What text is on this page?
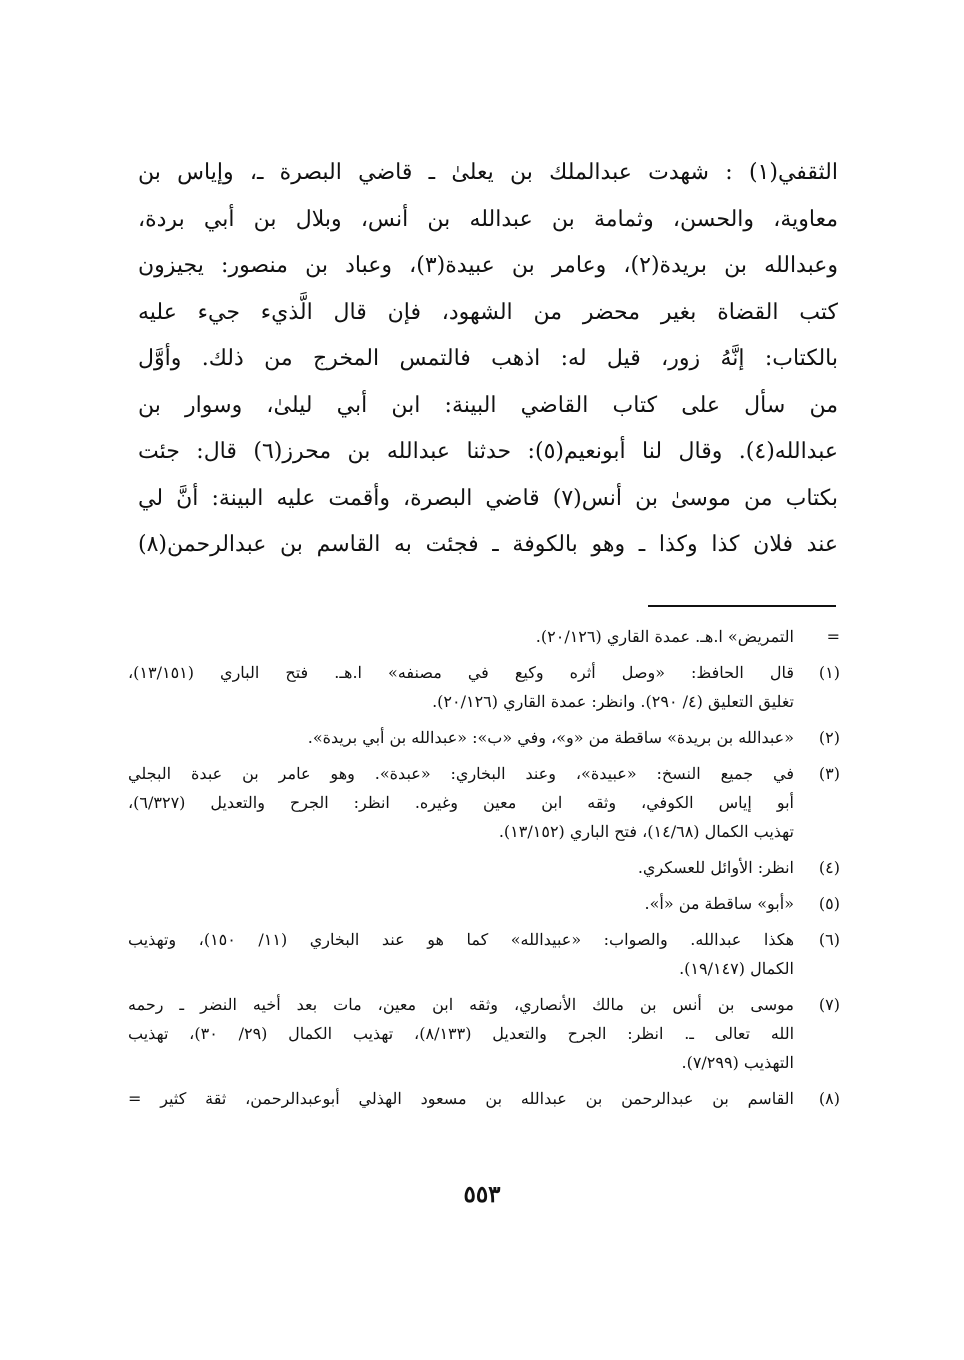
الثقفي(١) : شهدت عبدالملك بن يعلىٰ ـ قاضي البصرة ـ، وإياس بن
معاوية، والحسن، وثمامة بن عبدالله بن أنس، وبلال بن أبي بردة،
وعبدالله بن بريدة(٢)، وعامر بن عبيدة(٣)، وعباد بن منصور: يجيزون
كتب القضاة بغير محضر من الشهود، فإن قال الَّذيء جيء عليه
بالكتاب: إنَّهُ زور، قيل له: اذهب فالتمس المخرج من ذلك. وأوَّل
من سأل على كتاب القاضي البينة: ابن أبي ليلىٰ، وسوار بن
عبدالله(٤). وقال لنا أبونعيم(٥): حدثنا عبدالله بن محرز(٦) قال: جئت
بكتاب من موسىٰ بن أنس(٧) قاضي البصرة، وأقمت عليه البينة: أنَّ لي
عند فلان كذا وكذا ـ وهو بالكوفة ـ فجئت به القاسم بن عبدالرحمن(٨)
=
التمريض» ا.هـ. عمدة القاري (٢٠/١٢٦).
(١)
قال الحافظ: «وصل أثره وكيع في مصنفه» ا.هـ. فتح الباري (١٣/١٥١)،
تغليق التعليق (٤/ ٢٩٠). وانظر: عمدة القاري (٢٠/١٢٦).
(٢)
«عبدالله بن بريدة» ساقطة من «و»، وفي «ب»: «عبدالله بن أبي بريدة».
(٣)
في جميع النسخ: «عبيدة»، وعند البخاري: «عبدة». وهو عامر بن عبدة البجلي
أبو إياس الكوفي، وثقه ابن معين وغيره. انظر: الجرح والتعديل (٦/٣٢٧)،
تهذيب الكمال (١٤/٦٨)، فتح الباري (١٣/١٥٢).
(٤)
انظر: الأوائل للعسكري.
(٥)
«أبو» ساقطة من «أ».
(٦)
هكذا عبدالله. والصواب: «عبيدالله» كما هو عند البخاري (١١/ ١٥٠)، وتهذيب
الكمال (١٩/١٤٧).
(٧)
موسى بن أنس بن مالك الأنصاري، وثقه ابن معين، مات بعد أخيه النضر ـ رحمه
الله تعالى ـ. انظر: الجرح والتعديل (٨/١٣٣)، تهذيب الكمال (٢٩/ ٣٠)، تهذيب
التهذيب (٧/٢٩٩).
(٨)
القاسم بن عبدالرحمن بن عبدالله بن مسعود الهذلي أبوعبدالرحمن، ثقة كثير =
٥٥٣
